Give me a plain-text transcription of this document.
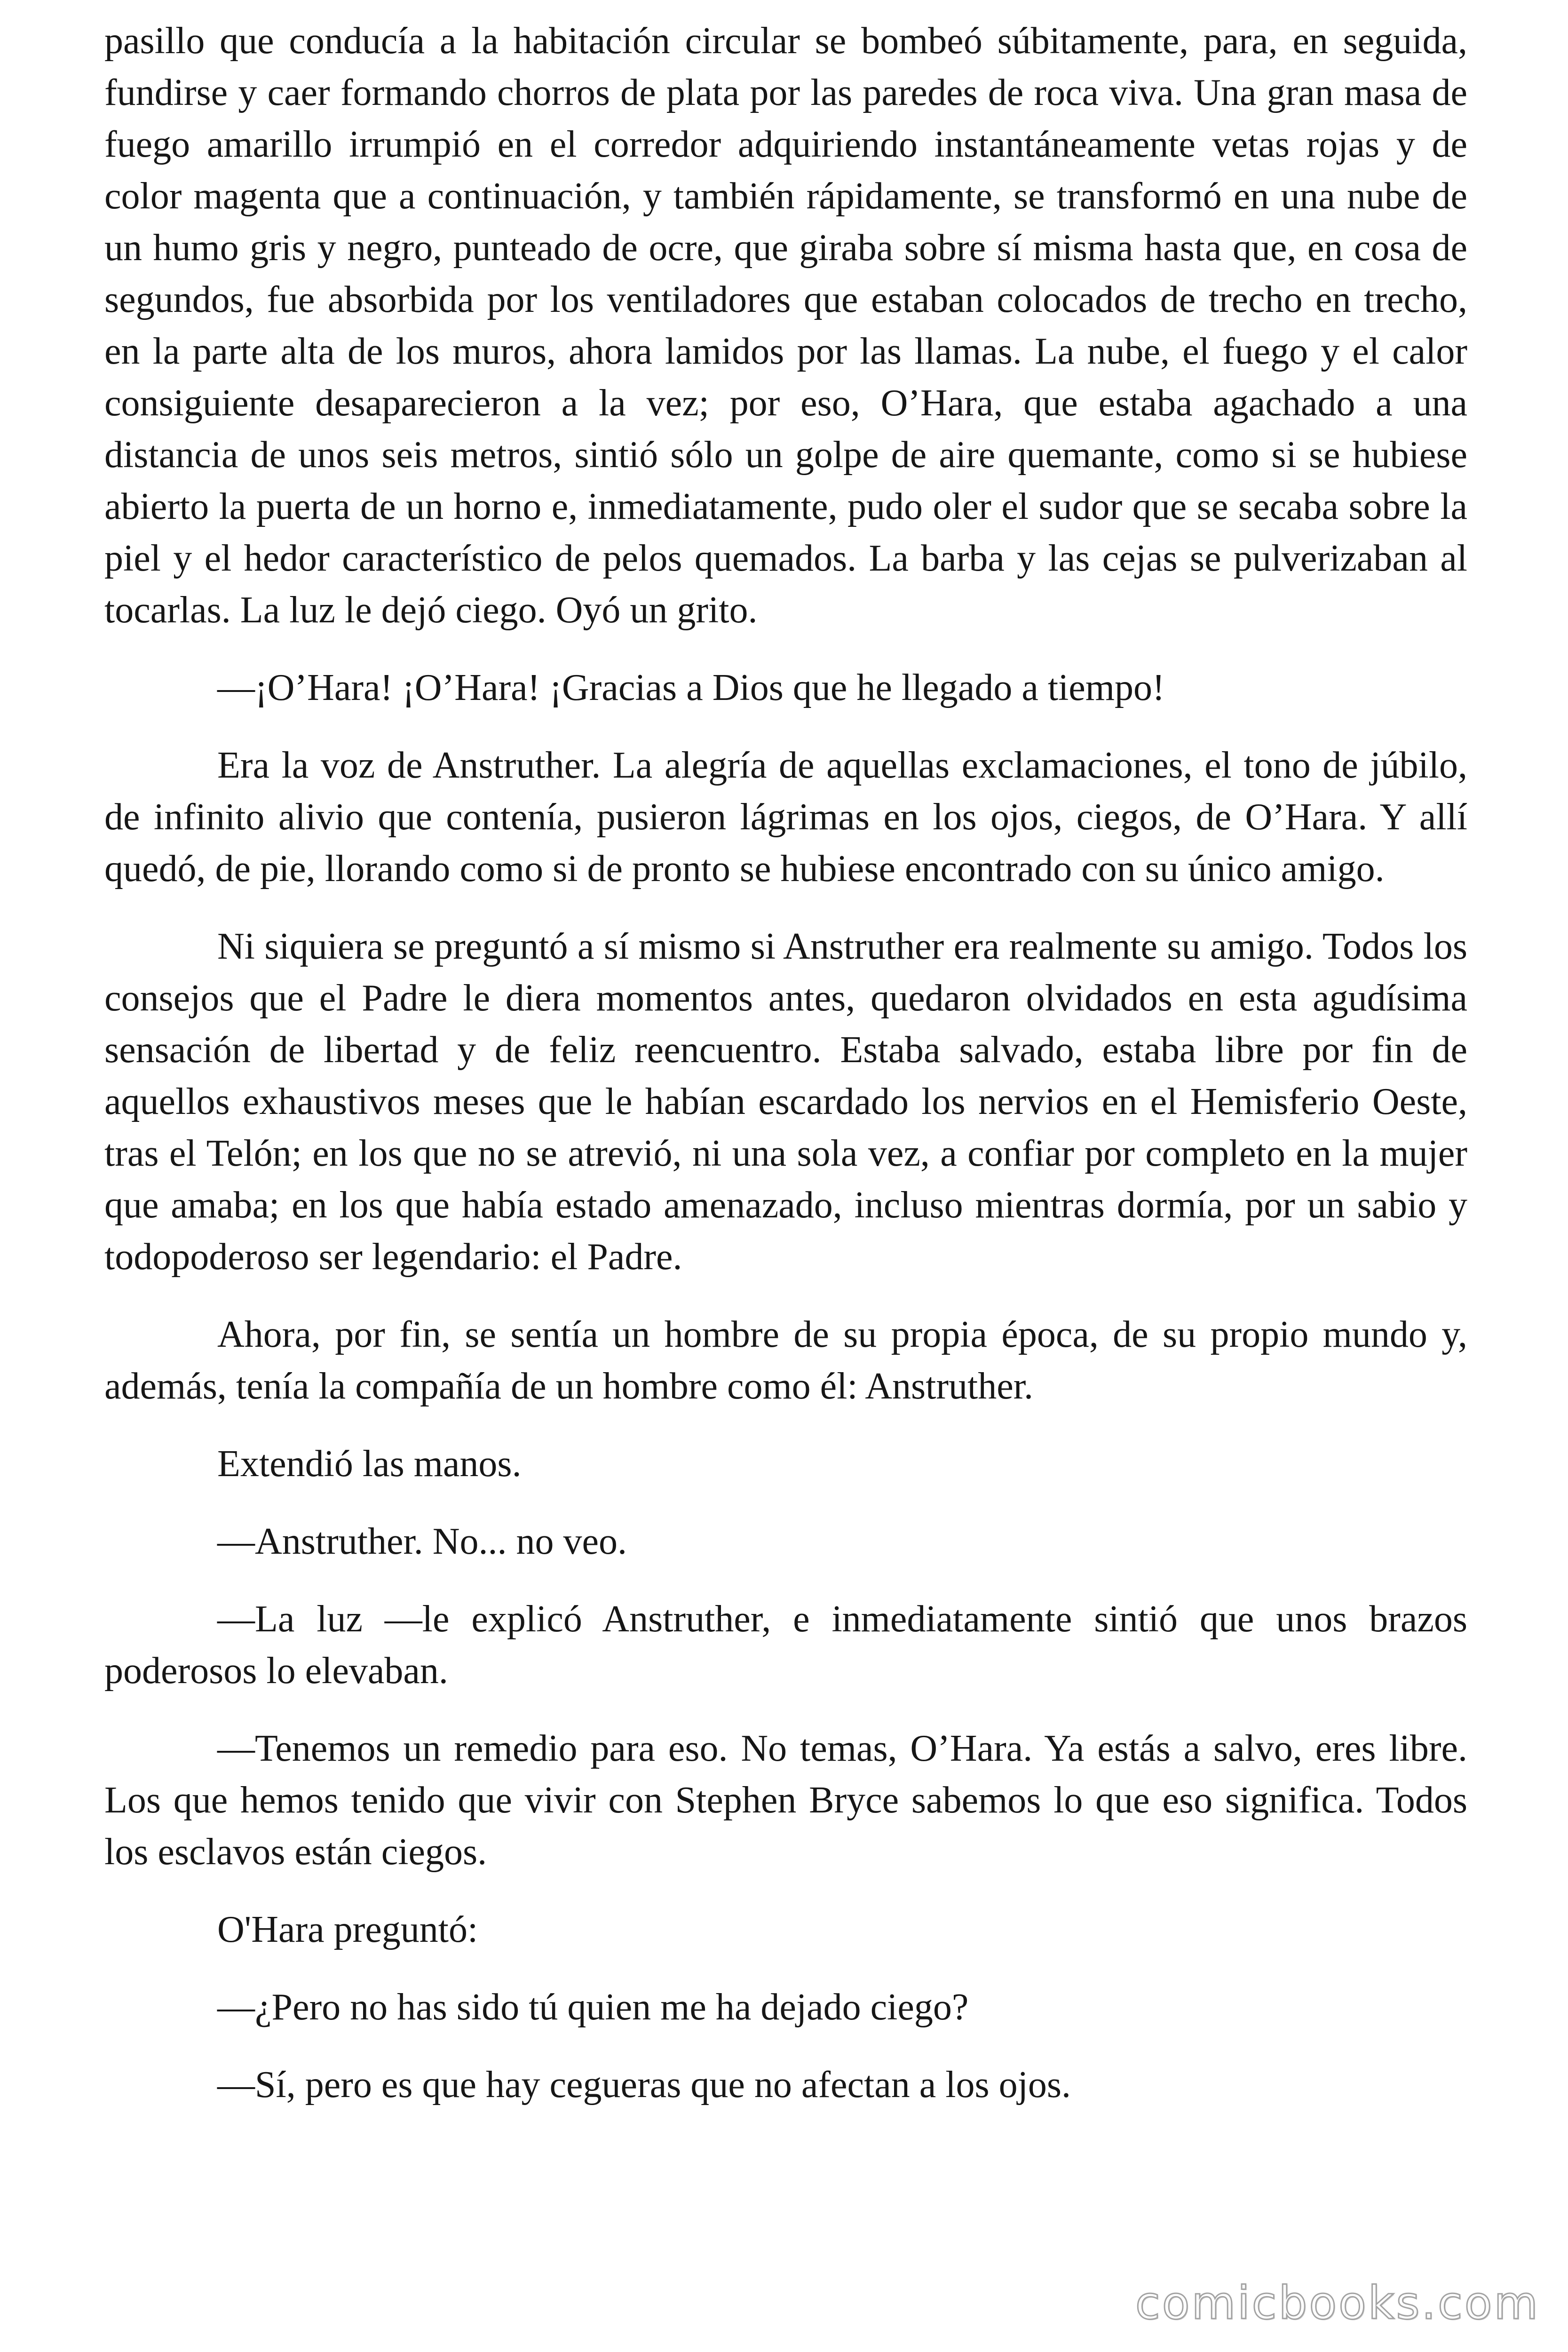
pasillo que conducía a la habitación circular se bombeó súbitamente, para, en seguida, fundirse y caer formando chorros de plata por las paredes de roca viva. Una gran masa de fuego amarillo irrumpió en el corredor adquiriendo instantáneamente vetas rojas y de color magenta que a continuación, y también rápidamente, se transformó en una nube de un humo gris y negro, punteado de ocre, que giraba sobre sí misma hasta que, en cosa de segundos, fue absorbida por los ventiladores que estaban colocados de trecho en trecho, en la parte alta de los muros, ahora lamidos por las llamas. La nube, el fuego y el calor consiguiente desaparecieron a la vez; por eso, O’Hara, que estaba agachado a una distancia de unos seis metros, sintió sólo un golpe de aire quemante, como si se hubiese abierto la puerta de un horno e, inmediatamente, pudo oler el sudor que se secaba sobre la piel y el hedor característico de pelos quemados. La barba y las cejas se pulverizaban al tocarlas. La luz le dejó ciego. Oyó un grito.

—¡O’Hara! ¡O’Hara! ¡Gracias a Dios que he llegado a tiempo!

Era la voz de Anstruther. La alegría de aquellas exclamaciones, el tono de júbilo, de infinito alivio que contenía, pusieron lágrimas en los ojos, ciegos, de O’Hara. Y allí quedó, de pie, llorando como si de pronto se hubiese encontrado con su único amigo.

Ni siquiera se preguntó a sí mismo si Anstruther era realmente su amigo. Todos los consejos que el Padre le diera momentos antes, quedaron olvidados en esta agudísima sensación de libertad y de feliz reencuentro. Estaba salvado, estaba libre por fin de aquellos exhaustivos meses que le habían escardado los nervios en el Hemisferio Oeste, tras el Telón; en los que no se atrevió, ni una sola vez, a confiar por completo en la mujer que amaba; en los que había estado amenazado, incluso mientras dormía, por un sabio y todopoderoso ser legendario: el Padre.

Ahora, por fin, se sentía un hombre de su propia época, de su propio mundo y, además, tenía la compañía de un hombre como él: Anstruther.

Extendió las manos.

—Anstruther. No... no veo.

—La luz —le explicó Anstruther, e inmediatamente sintió que unos brazos poderosos lo elevaban.

—Tenemos un remedio para eso. No temas, O’Hara. Ya estás a salvo, eres libre. Los que hemos tenido que vivir con Stephen Bryce sabemos lo que eso significa. Todos los esclavos están ciegos.

O'Hara preguntó:

—¿Pero no has sido tú quien me ha dejado ciego?

—Sí, pero es que hay cegueras que no afectan a los ojos.

comicbooks.com
